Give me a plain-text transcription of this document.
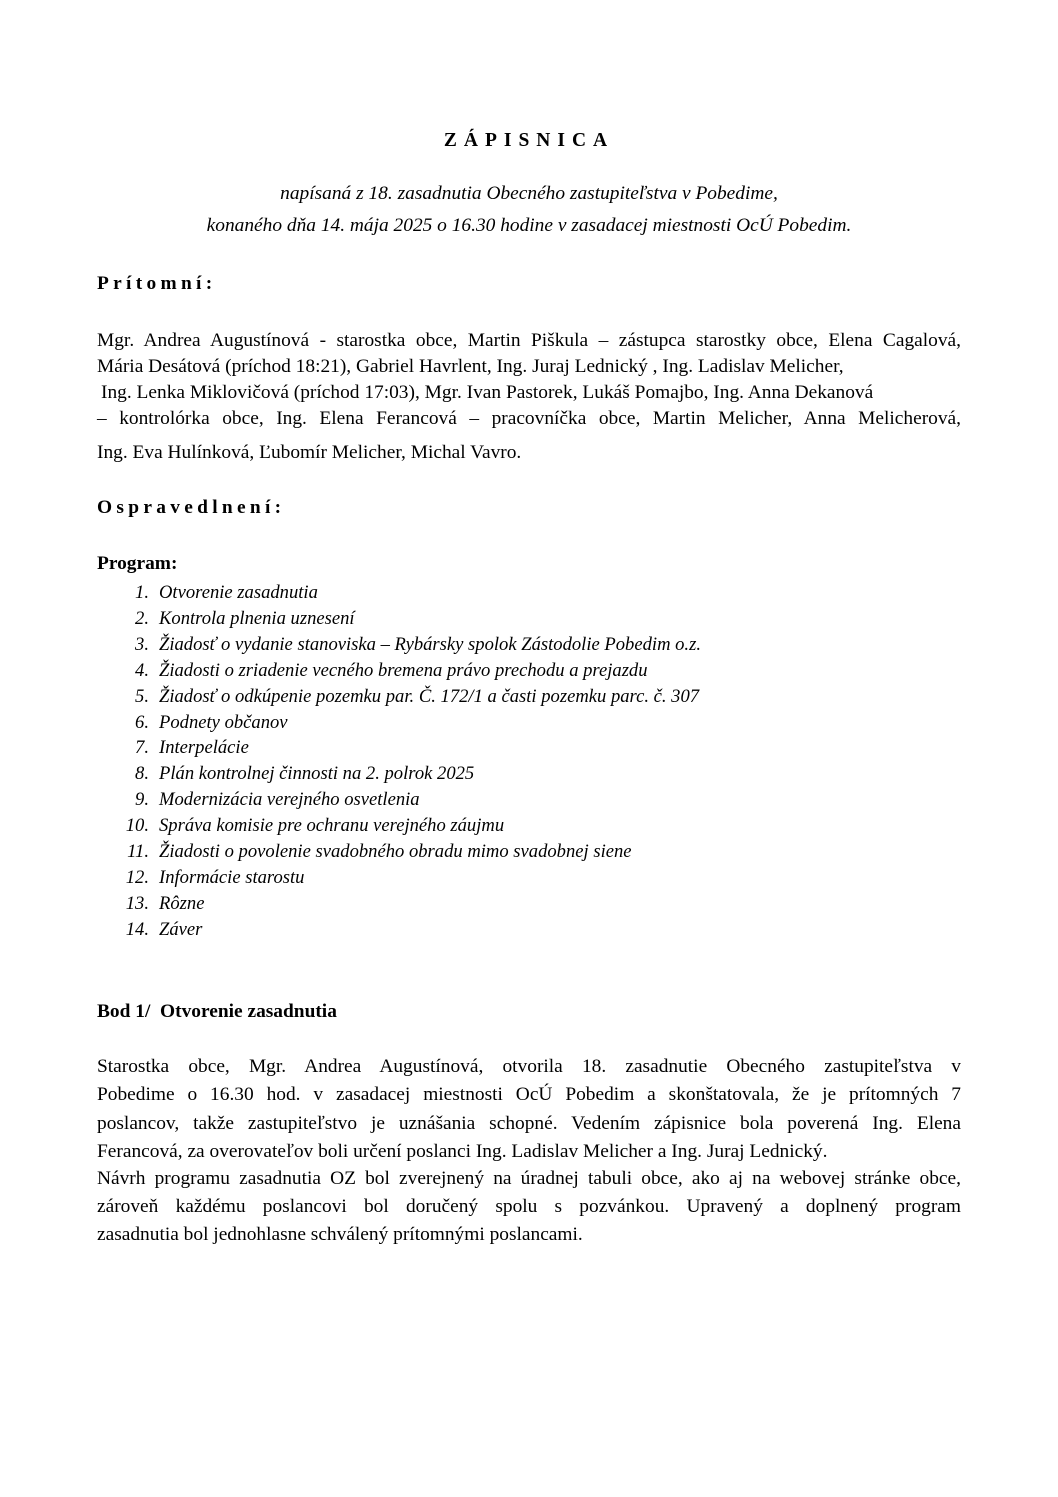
ZÁPISNICA
napísaná z 18. zasadnutia Obecného zastupiteľstva v Pobedime,
konaného dňa 14. mája 2025 o 16.30 hodine v zasadacej miestnosti OcÚ Pobedim.
Prítomní:
Mgr. Andrea Augustínová - starostka obce, Martin Piškula – zástupca starostky obce, Elena Cagalová,
Mária Desátová (príchod 18:21), Gabriel Havrlent, Ing. Juraj Lednický , Ing. Ladislav Melicher,
Ing. Lenka Miklovičová (príchod 17:03), Mgr. Ivan Pastorek, Lukáš Pomajbo, Ing. Anna Dekanová
– kontrolórka obce, Ing. Elena Ferancová – pracovníčka obce, Martin Melicher, Anna Melicherová,
Ing. Eva Hulínková, Ľubomír Melicher, Michal Vavro.
Ospravedlnení:
Program:
1. Otvorenie zasadnutia
2. Kontrola plnenia uznesení
3. Žiadosť o vydanie stanoviska – Rybársky spolok Zástodolie Pobedim o.z.
4. Žiadosti o zriadenie vecného bremena právo prechodu a prejazdu
5. Žiadosť o odkúpenie pozemku par. Č. 172/1 a časti pozemku parc. č. 307
6. Podnety občanov
7. Interpelácie
8. Plán kontrolnej činnosti na 2. polrok 2025
9. Modernizácia verejného osvetlenia
10. Správa komisie pre ochranu verejného záujmu
11. Žiadosti o povolenie svadobného obradu mimo svadobnej siene
12. Informácie starostu
13. Rôzne
14. Záver
Bod 1/  Otvorenie zasadnutia
Starostka obce, Mgr. Andrea Augustínová, otvorila 18. zasadnutie Obecného zastupiteľstva v
Pobedime o 16.30 hod. v zasadacej miestnosti OcÚ Pobedim a skonštatovala, že je prítomných 7
poslancov, takže zastupiteľstvo je uznášania schopné. Vedením zápisnice bola poverená Ing. Elena
Ferancová, za overovateľov boli určení poslanci Ing. Ladislav Melicher a Ing. Juraj Lednický.
Návrh programu zasadnutia OZ bol zverejnený na úradnej tabuli obce, ako aj na webovej stránke obce,
zároveň každému poslancovi bol doručený spolu s pozvánkou. Upravený a doplnený program
zasadnutia bol jednohlasne schválený prítomnými poslancami.
